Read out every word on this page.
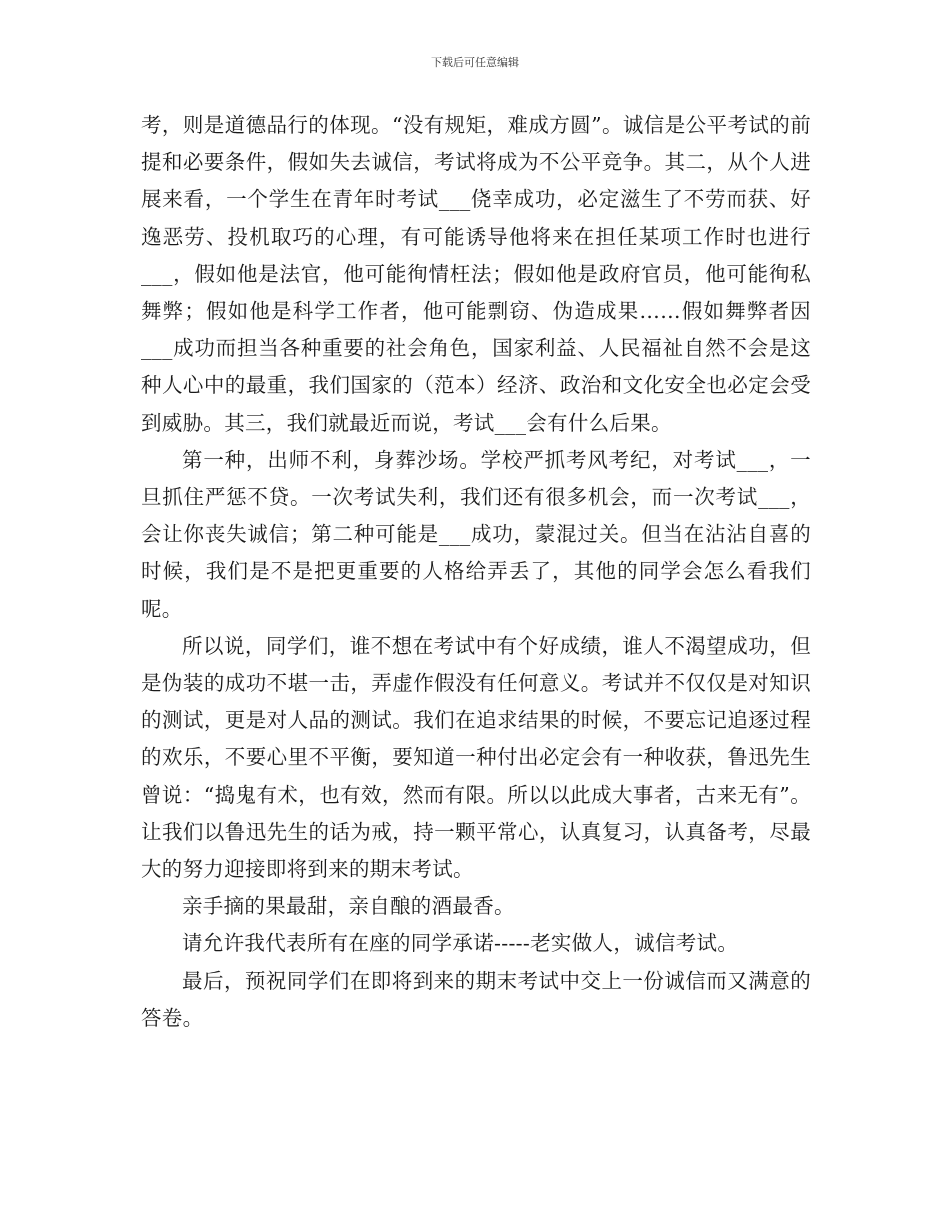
下载后可任意编辑

考，则是道德品行的体现。“没有规矩，难成方圆”。诚信是公平考试的前提和必要条件，假如失去诚信，考试将成为不公平竞争。其二，从个人进展来看，一个学生在青年时考试___侥幸成功，必定滋生了不劳而获、好逸恶劳、投机取巧的心理，有可能诱导他将来在担任某项工作时也进行___，假如他是法官，他可能徇情枉法；假如他是政府官员，他可能徇私舞弊；假如他是科学工作者，他可能剽窃、伪造成果……假如舞弊者因___成功而担当各种重要的社会角色，国家利益、人民福祉自然不会是这种人心中的最重，我们国家的（范本）经济、政治和文化安全也必定会受到威胁。其三，我们就最近而说，考试___会有什么后果。

第一种，出师不利，身葬沙场。学校严抓考风考纪，对考试___，一旦抓住严惩不贷。一次考试失利，我们还有很多机会，而一次考试___，会让你丧失诚信；第二种可能是___成功，蒙混过关。但当在沾沾自喜的时候，我们是不是把更重要的人格给弄丢了，其他的同学会怎么看我们呢。

所以说，同学们，谁不想在考试中有个好成绩，谁人不渴望成功，但是伪装的成功不堪一击，弄虚作假没有任何意义。考试并不仅仅是对知识的测试，更是对人品的测试。我们在追求结果的时候，不要忘记追逐过程的欢乐，不要心里不平衡，要知道一种付出必定会有一种收获，鲁迅先生曾说：“捣鬼有术，也有效，然而有限。所以以此成大事者，古来无有”。让我们以鲁迅先生的话为戒，持一颗平常心，认真复习，认真备考，尽最大的努力迎接即将到来的期末考试。

亲手摘的果最甜，亲自酿的酒最香。

请允许我代表所有在座的同学承诺-----老实做人，诚信考试。

最后，预祝同学们在即将到来的期末考试中交上一份诚信而又满意的答卷。
